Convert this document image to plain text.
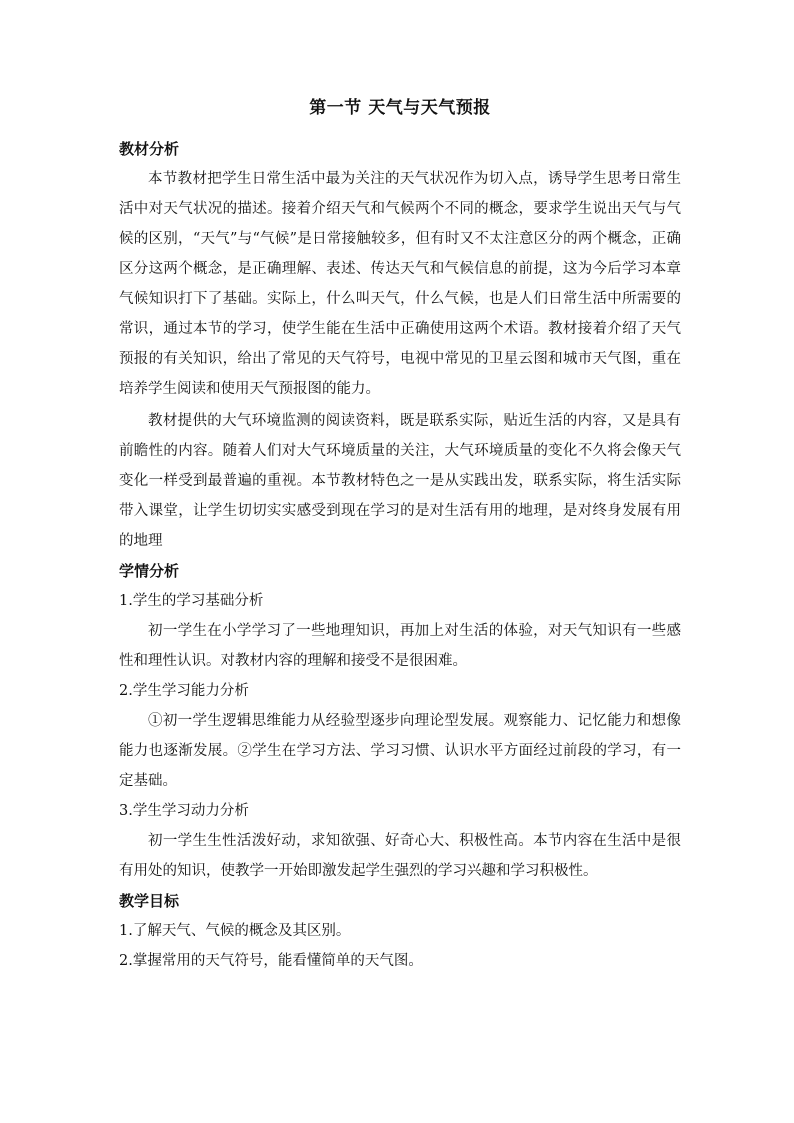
第一节 天气与天气预报
教材分析

本节教材把学生日常生活中最为关注的天气状况作为切入点，诱导学生思考日常生活中对天气状况的描述。接着介绍天气和气候两个不同的概念，要求学生说出天气与气候的区别，“天气”与“气候”是日常接触较多，但有时又不太注意区分的两个概念，正确区分这两个概念，是正确理解、表述、传达天气和气候信息的前提，这为今后学习本章气候知识打下了基础。实际上，什么叫天气，什么气候，也是人们日常生活中所需要的常识，通过本节的学习，使学生能在生活中正确使用这两个术语。教材接着介绍了天气预报的有关知识，给出了常见的天气符号，电视中常见的卫星云图和城市天气图，重在培养学生阅读和使用天气预报图的能力。

教材提供的大气环境监测的阅读资料，既是联系实际，贴近生活的内容，又是具有前瞻性的内容。随着人们对大气环境质量的关注，大气环境质量的变化不久将会像天气变化一样受到最普遍的重视。本节教材特色之一是从实践出发，联系实际，将生活实际带入课堂，让学生切切实实感受到现在学习的是对生活有用的地理，是对终身发展有用的地理

学情分析

1.学生的学习基础分析

初一学生在小学学习了一些地理知识，再加上对生活的体验，对天气知识有一些感性和理性认识。对教材内容的理解和接受不是很困难。

2.学生学习能力分析

①初一学生逻辑思维能力从经验型逐步向理论型发展。观察能力、记忆能力和想像能力也逐渐发展。②学生在学习方法、学习习惯、认识水平方面经过前段的学习，有一定基础。

3.学生学习动力分析

初一学生生性活泼好动，求知欲强、好奇心大、积极性高。本节内容在生活中是很有用处的知识，使教学一开始即激发起学生强烈的学习兴趣和学习积极性。

教学目标

1.了解天气、气候的概念及其区别。

2.掌握常用的天气符号，能看懂简单的天气图。
